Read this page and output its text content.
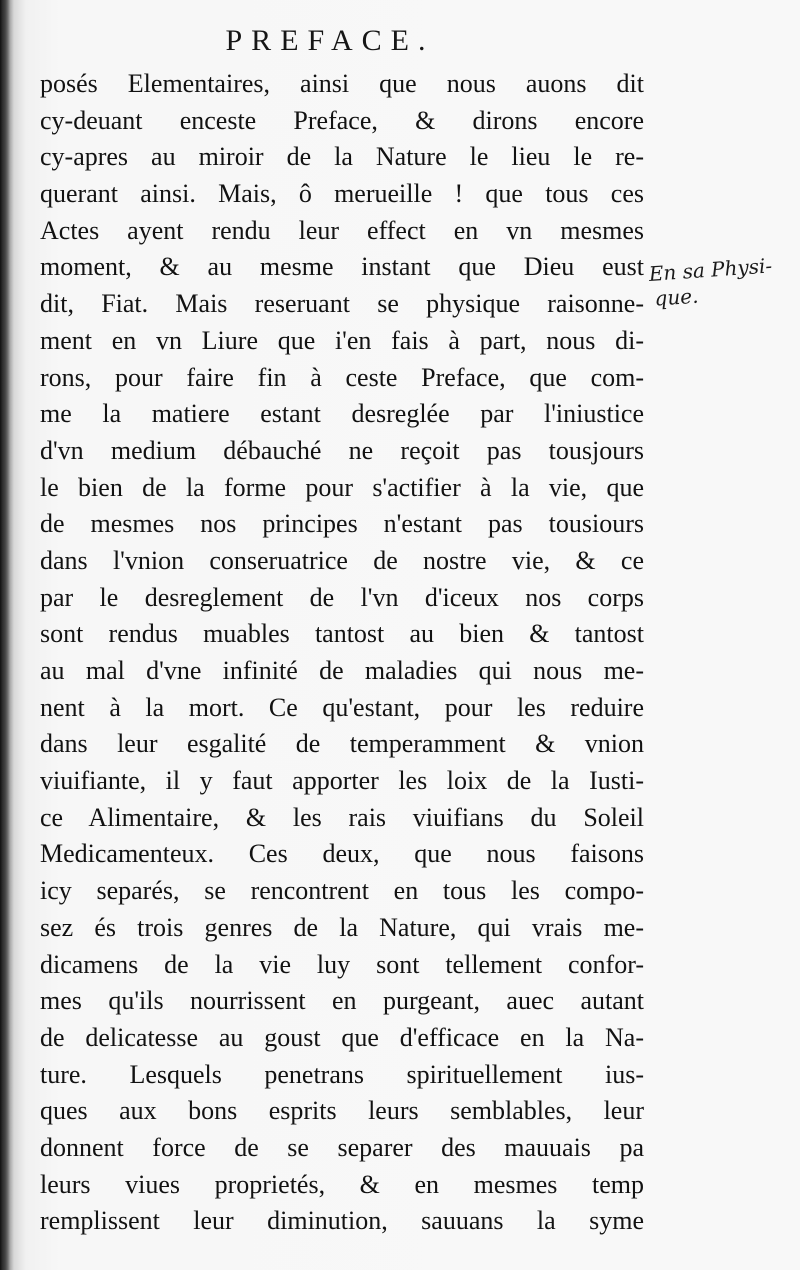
PREFACE.
posés Elementaires, ainsi que nous auons dit
cy-deuant enceste Preface, & dirons encore
cy-apres au miroir de la Nature le lieu le re-
querant ainsi. Mais, ô merueille ! que tous ces
Actes ayent rendu leur effect en vn mesmes
moment, & au mesme instant que Dieu eust
dit, Fiat. Mais reseruant se physique raisonne-
ment en vn Liure que i'en fais à part, nous di-
rons, pour faire fin à ceste Preface, que com-
me la matiere estant desreglée par l'iniustice
d'vn medium débauché ne reçoit pas tousjours
le bien de la forme pour s'actifier à la vie, que
de mesmes nos principes n'estant pas tousiours
dans l'vnion conseruatrice de nostre vie, & ce
par le desreglement de l'vn d'iceux nos corps
sont rendus muables tantost au bien & tantost
au mal d'vne infinité de maladies qui nous me-
nent à la mort. Ce qu'estant, pour les reduire
dans leur esgalité de temperamment & vnion
viuifiante, il y faut apporter les loix de la Iusti-
ce Alimentaire, & les rais viuifians du Soleil
Medicamenteux. Ces deux, que nous faisons
icy separés, se rencontrent en tous les compo-
sez és trois genres de la Nature, qui vrais me-
dicamens de la vie luy sont tellement confor-
mes qu'ils nourrissent en purgeant, auec autant
de delicatesse au goust que d'efficace en la Na-
ture. Lesquels penetrans spirituellement ius-
ques aux bons esprits leurs semblables, leur
donnent force de se separer des mauuais pa
leurs viues proprietés, & en mesmes temp
remplissent leur diminution, sauuans la syme
En sa Physi-
que.
